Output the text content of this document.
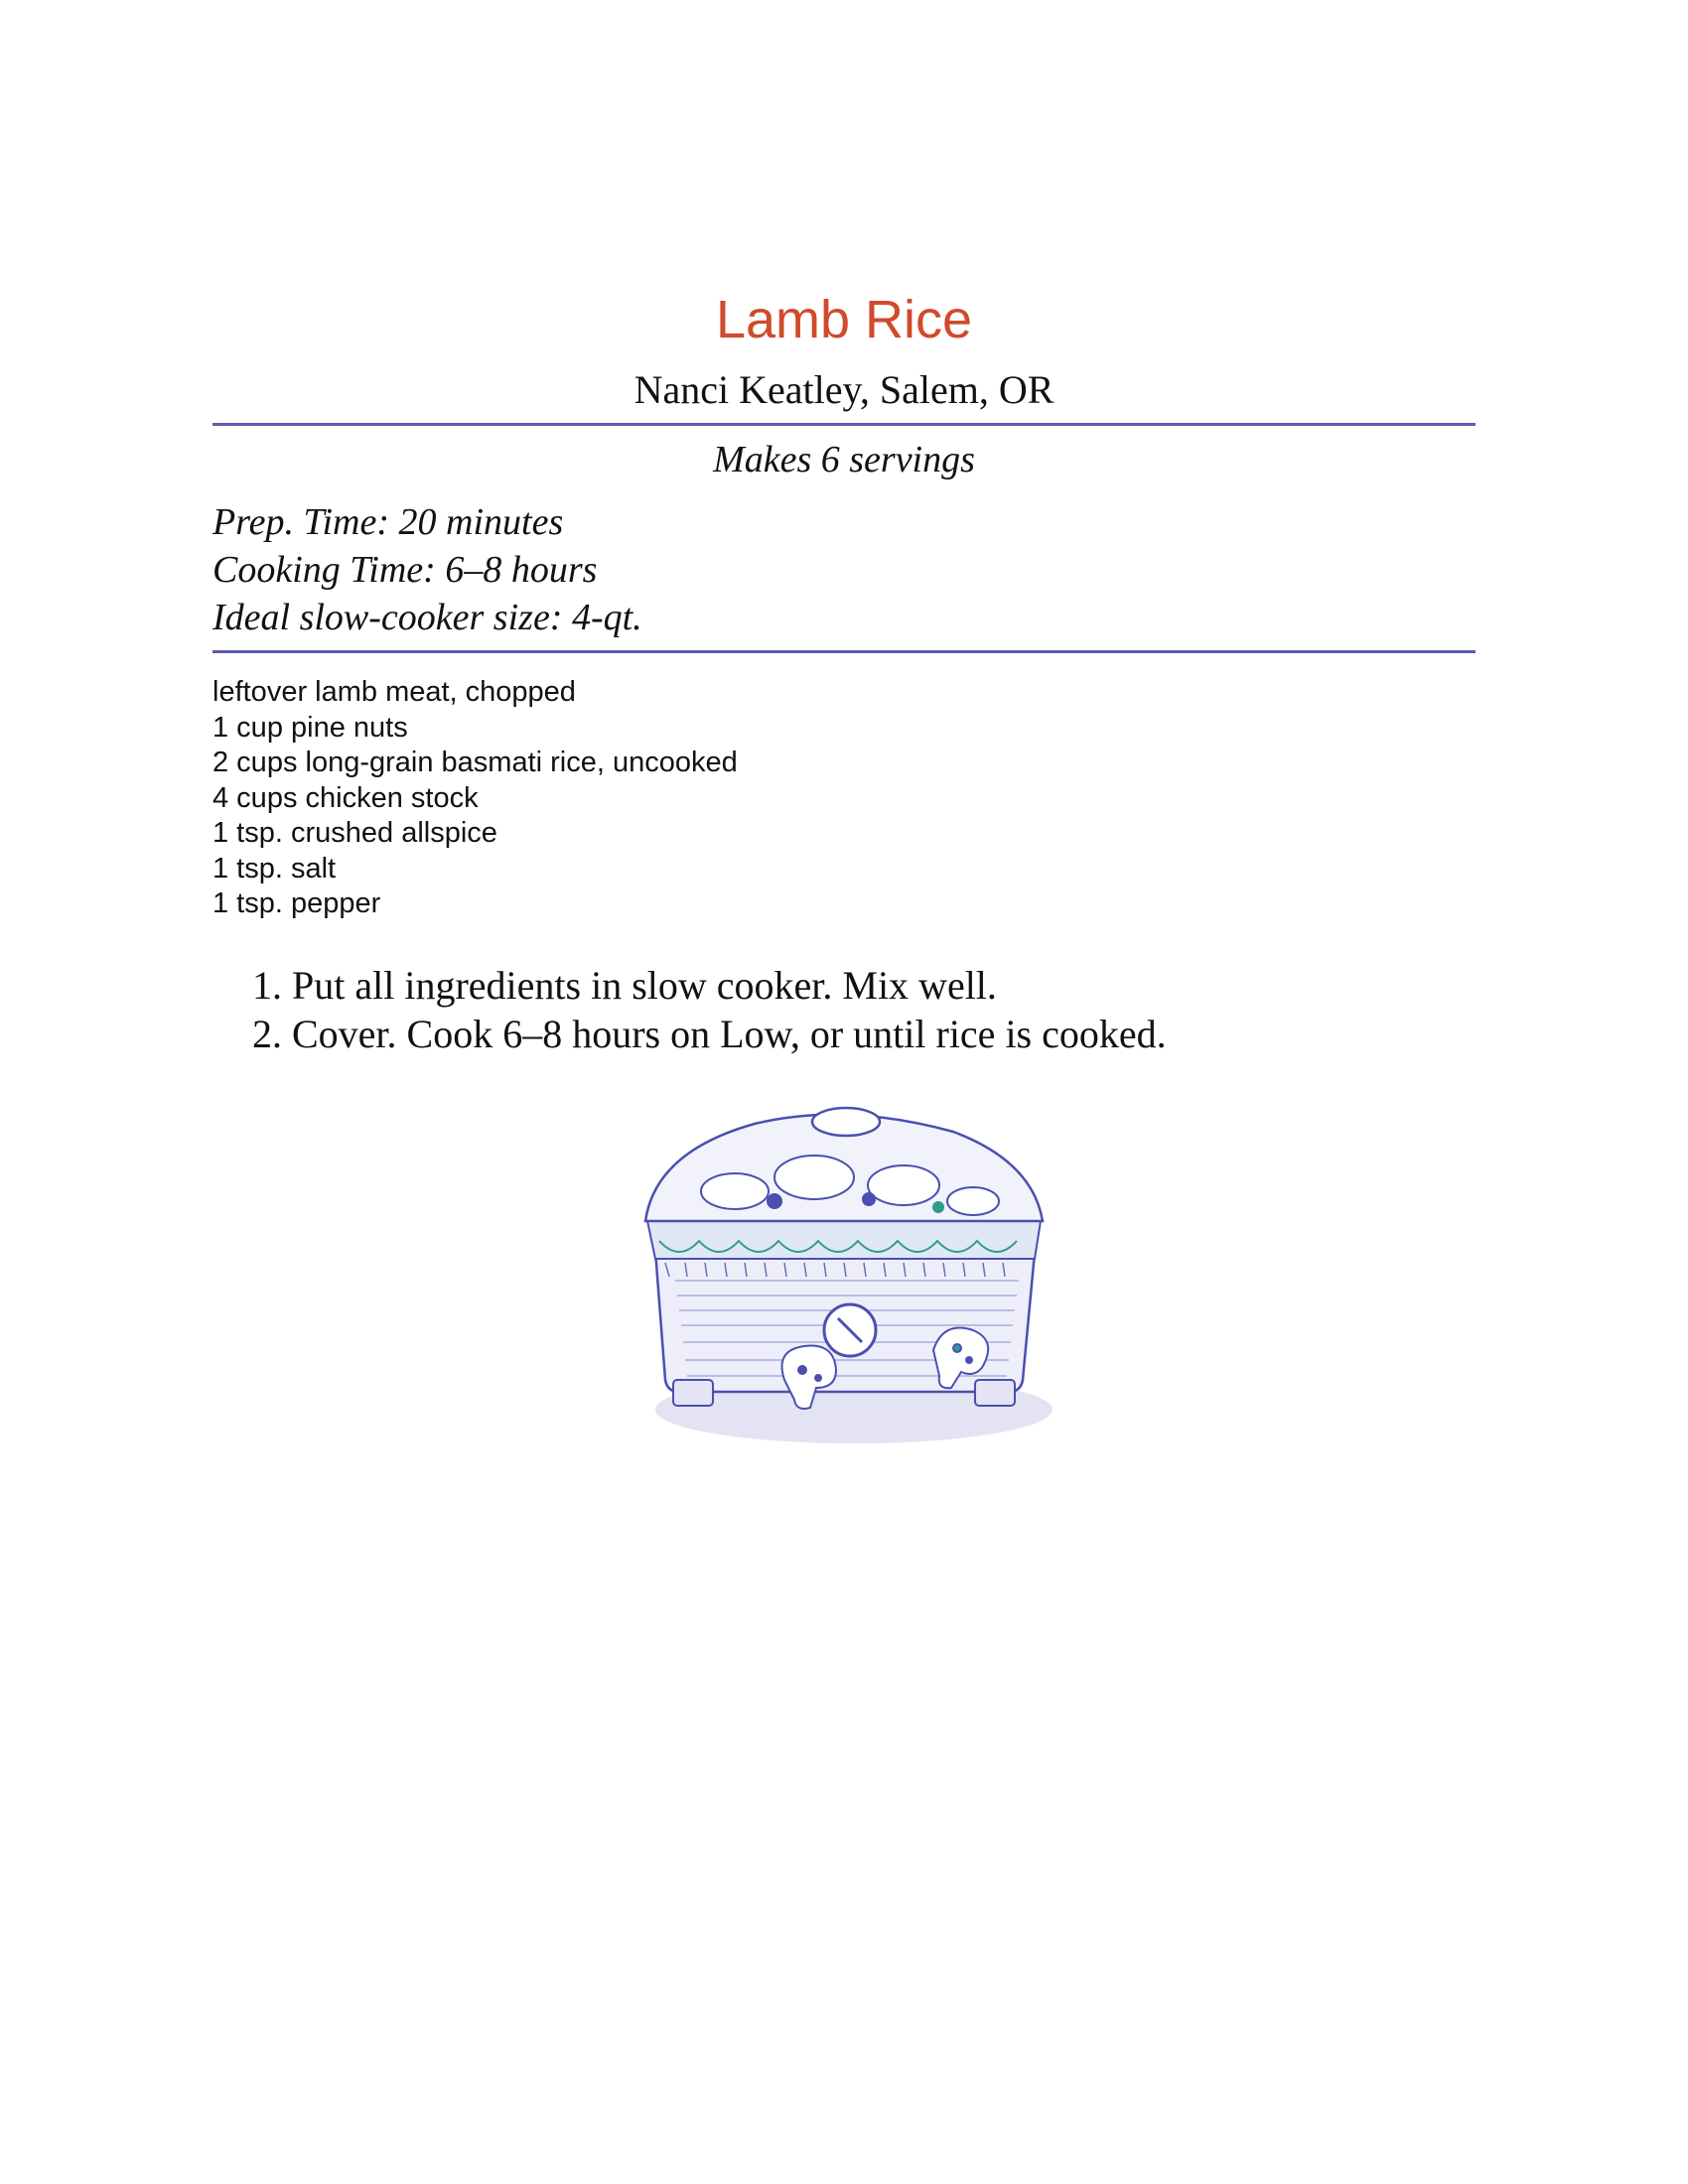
Lamb Rice
Nanci Keatley, Salem, OR
Makes 6 servings
Prep. Time: 20 minutes
Cooking Time: 6–8 hours
Ideal slow-cooker size: 4-qt.
leftover lamb meat, chopped
1 cup pine nuts
2 cups long-grain basmati rice, uncooked
4 cups chicken stock
1 tsp. crushed allspice
1 tsp. salt
1 tsp. pepper
1. Put all ingredients in slow cooker. Mix well.
2. Cover. Cook 6–8 hours on Low, or until rice is cooked.
